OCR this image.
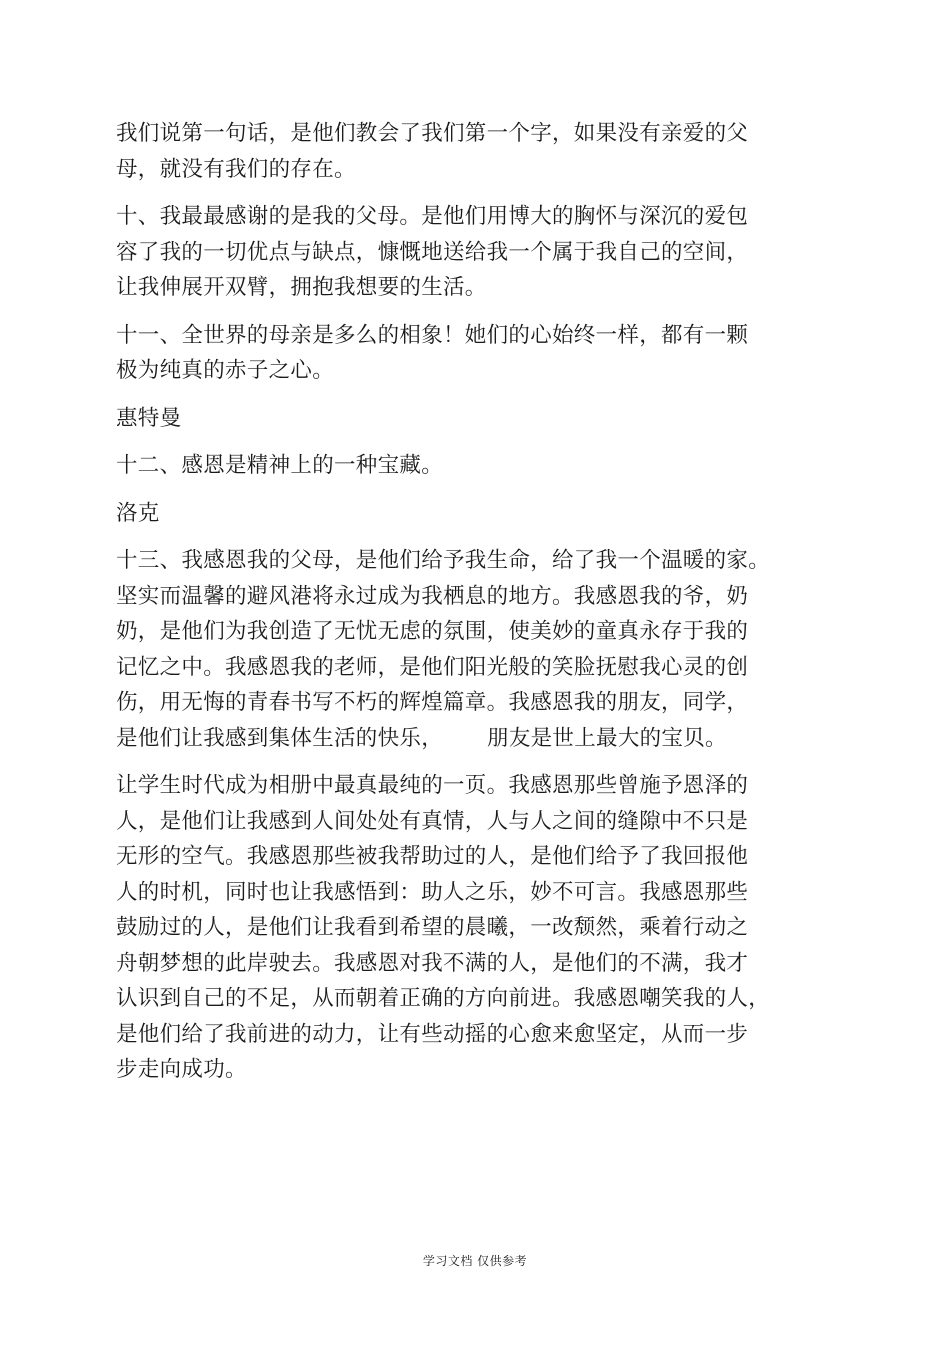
我们说第一句话，是他们教会了我们第一个字，如果没有亲爱的父
母，就没有我们的存在。

十、我最最感谢的是我的父母。是他们用博大的胸怀与深沉的爱包
容了我的一切优点与缺点，慷慨地送给我一个属于我自己的空间，
让我伸展开双臂，拥抱我想要的生活。

十一、全世界的母亲是多么的相象！她们的心始终一样，都有一颗
极为纯真的赤子之心。

惠特曼

十二、感恩是精神上的一种宝藏。

洛克

十三、我感恩我的父母，是他们给予我生命，给了我一个温暖的家。
坚实而温馨的避风港将永过成为我栖息的地方。我感恩我的爷，奶
奶，是他们为我创造了无忧无虑的氛围，使美妙的童真永存于我的
记忆之中。我感恩我的老师，是他们阳光般的笑脸抚慰我心灵的创
伤，用无悔的青春书写不朽的辉煌篇章。我感恩我的朋友，同学，
是他们让我感到集体生活的快乐， 朋友是世上最大的宝贝。

让学生时代成为相册中最真最纯的一页。我感恩那些曾施予恩泽的
人，是他们让我感到人间处处有真情，人与人之间的缝隙中不只是
无形的空气。我感恩那些被我帮助过的人，是他们给予了我回报他
人的时机，同时也让我感悟到：助人之乐，妙不可言。我感恩那些
鼓励过的人，是他们让我看到希望的晨曦，一改颓然，乘着行动之
舟朝梦想的此岸驶去。我感恩对我不满的人，是他们的不满，我才
认识到自己的不足，从而朝着正确的方向前进。我感恩嘲笑我的人，
是他们给了我前进的动力，让有些动摇的心愈来愈坚定，从而一步
步走向成功。

学习文档 仅供参考
